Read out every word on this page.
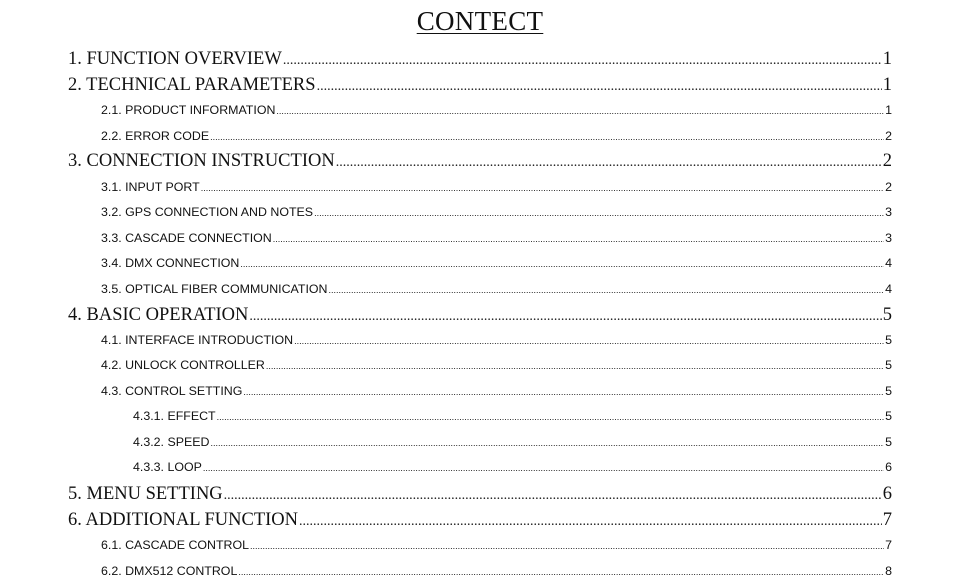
CONTECT
1. FUNCTION OVERVIEW .....	1
2. TECHNICAL PARAMETERS .....	1
2.1. PRODUCT INFORMATION .....	1
2.2. ERROR CODE .....	2
3. CONNECTION INSTRUCTION .....	2
3.1. INPUT PORT .....	2
3.2. GPS CONNECTION AND NOTES .....	3
3.3. CASCADE CONNECTION .....	3
3.4. DMX CONNECTION .....	4
3.5. OPTICAL FIBER COMMUNICATION .....	4
4. BASIC OPERATION .....	5
4.1. INTERFACE INTRODUCTION .....	5
4.2. UNLOCK CONTROLLER .....	5
4.3. CONTROL SETTING .....	5
4.3.1. EFFECT .....	5
4.3.2. SPEED .....	5
4.3.3. LOOP .....	6
5. MENU SETTING .....	6
6. ADDITIONAL FUNCTION .....	7
6.1. CASCADE CONTROL .....	7
6.2. DMX512 CONTROL .....	8
